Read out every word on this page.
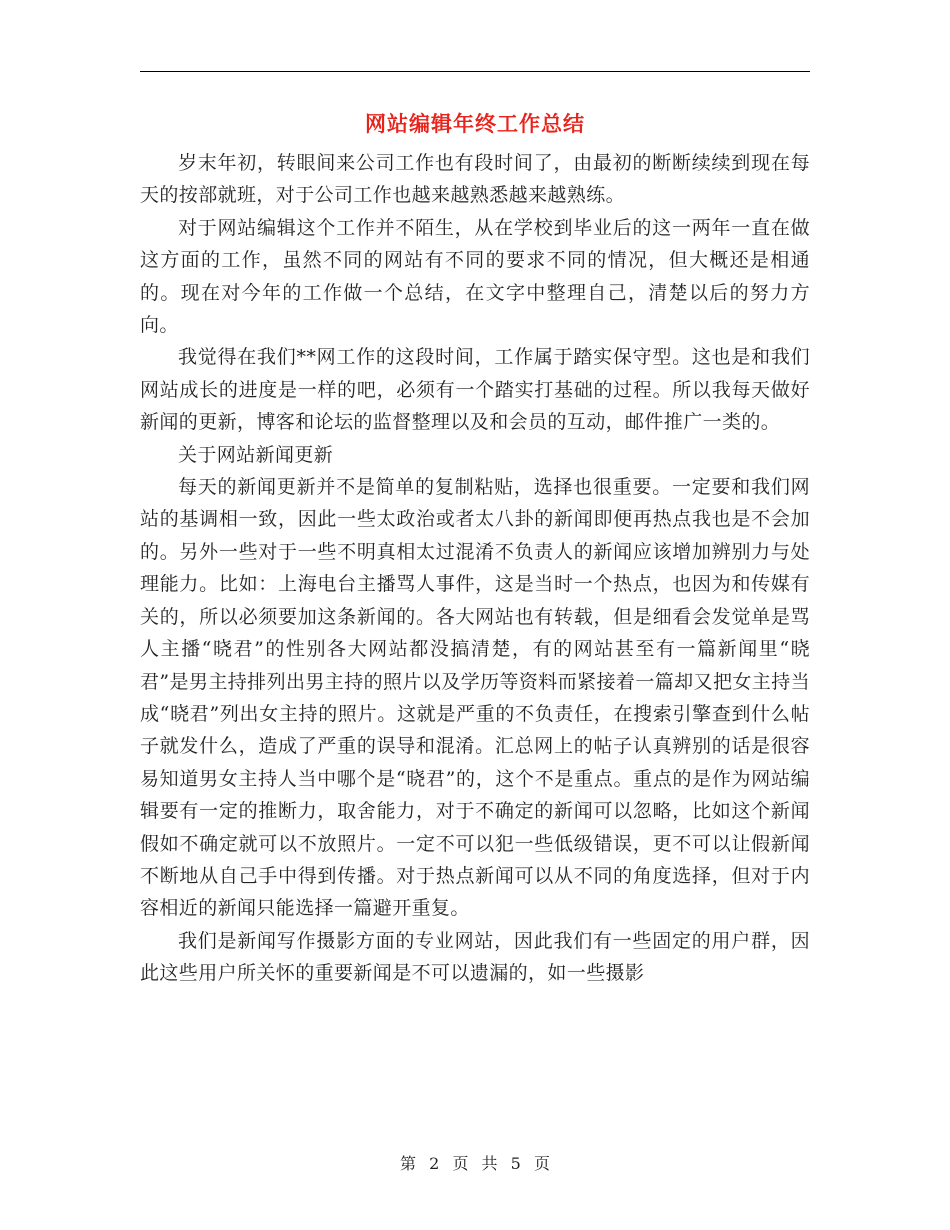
网站编辑年终工作总结

岁末年初，转眼间来公司工作也有段时间了，由最初的断断续续到现在每天的按部就班，对于公司工作也越来越熟悉越来越熟练。

对于网站编辑这个工作并不陌生，从在学校到毕业后的这一两年一直在做这方面的工作，虽然不同的网站有不同的要求不同的情况，但大概还是相通的。现在对今年的工作做一个总结，在文字中整理自己，清楚以后的努力方向。

我觉得在我们**网工作的这段时间，工作属于踏实保守型。这也是和我们网站成长的进度是一样的吧，必须有一个踏实打基础的过程。所以我每天做好新闻的更新，博客和论坛的监督整理以及和会员的互动，邮件推广一类的。

关于网站新闻更新

每天的新闻更新并不是简单的复制粘贴，选择也很重要。一定要和我们网站的基调相一致，因此一些太政治或者太八卦的新闻即便再热点我也是不会加的。另外一些对于一些不明真相太过混淆不负责人的新闻应该增加辨别力与处理能力。比如：上海电台主播骂人事件，这是当时一个热点，也因为和传媒有关的，所以必须要加这条新闻的。各大网站也有转载，但是细看会发觉单是骂人主播“晓君”的性别各大网站都没搞清楚，有的网站甚至有一篇新闻里“晓君”是男主持排列出男主持的照片以及学历等资料而紧接着一篇却又把女主持当成“晓君”列出女主持的照片。这就是严重的不负责任，在搜索引擎查到什么帖子就发什么，造成了严重的误导和混淆。汇总网上的帖子认真辨别的话是很容易知道男女主持人当中哪个是“晓君”的，这个不是重点。重点的是作为网站编辑要有一定的推断力，取舍能力，对于不确定的新闻可以忽略，比如这个新闻假如不确定就可以不放照片。一定不可以犯一些低级错误，更不可以让假新闻不断地从自己手中得到传播。对于热点新闻可以从不同的角度选择，但对于内容相近的新闻只能选择一篇避开重复。

我们是新闻写作摄影方面的专业网站，因此我们有一些固定的用户群，因此这些用户所关怀的重要新闻是不可以遗漏的，如一些摄影

第 2 页 共 5 页
